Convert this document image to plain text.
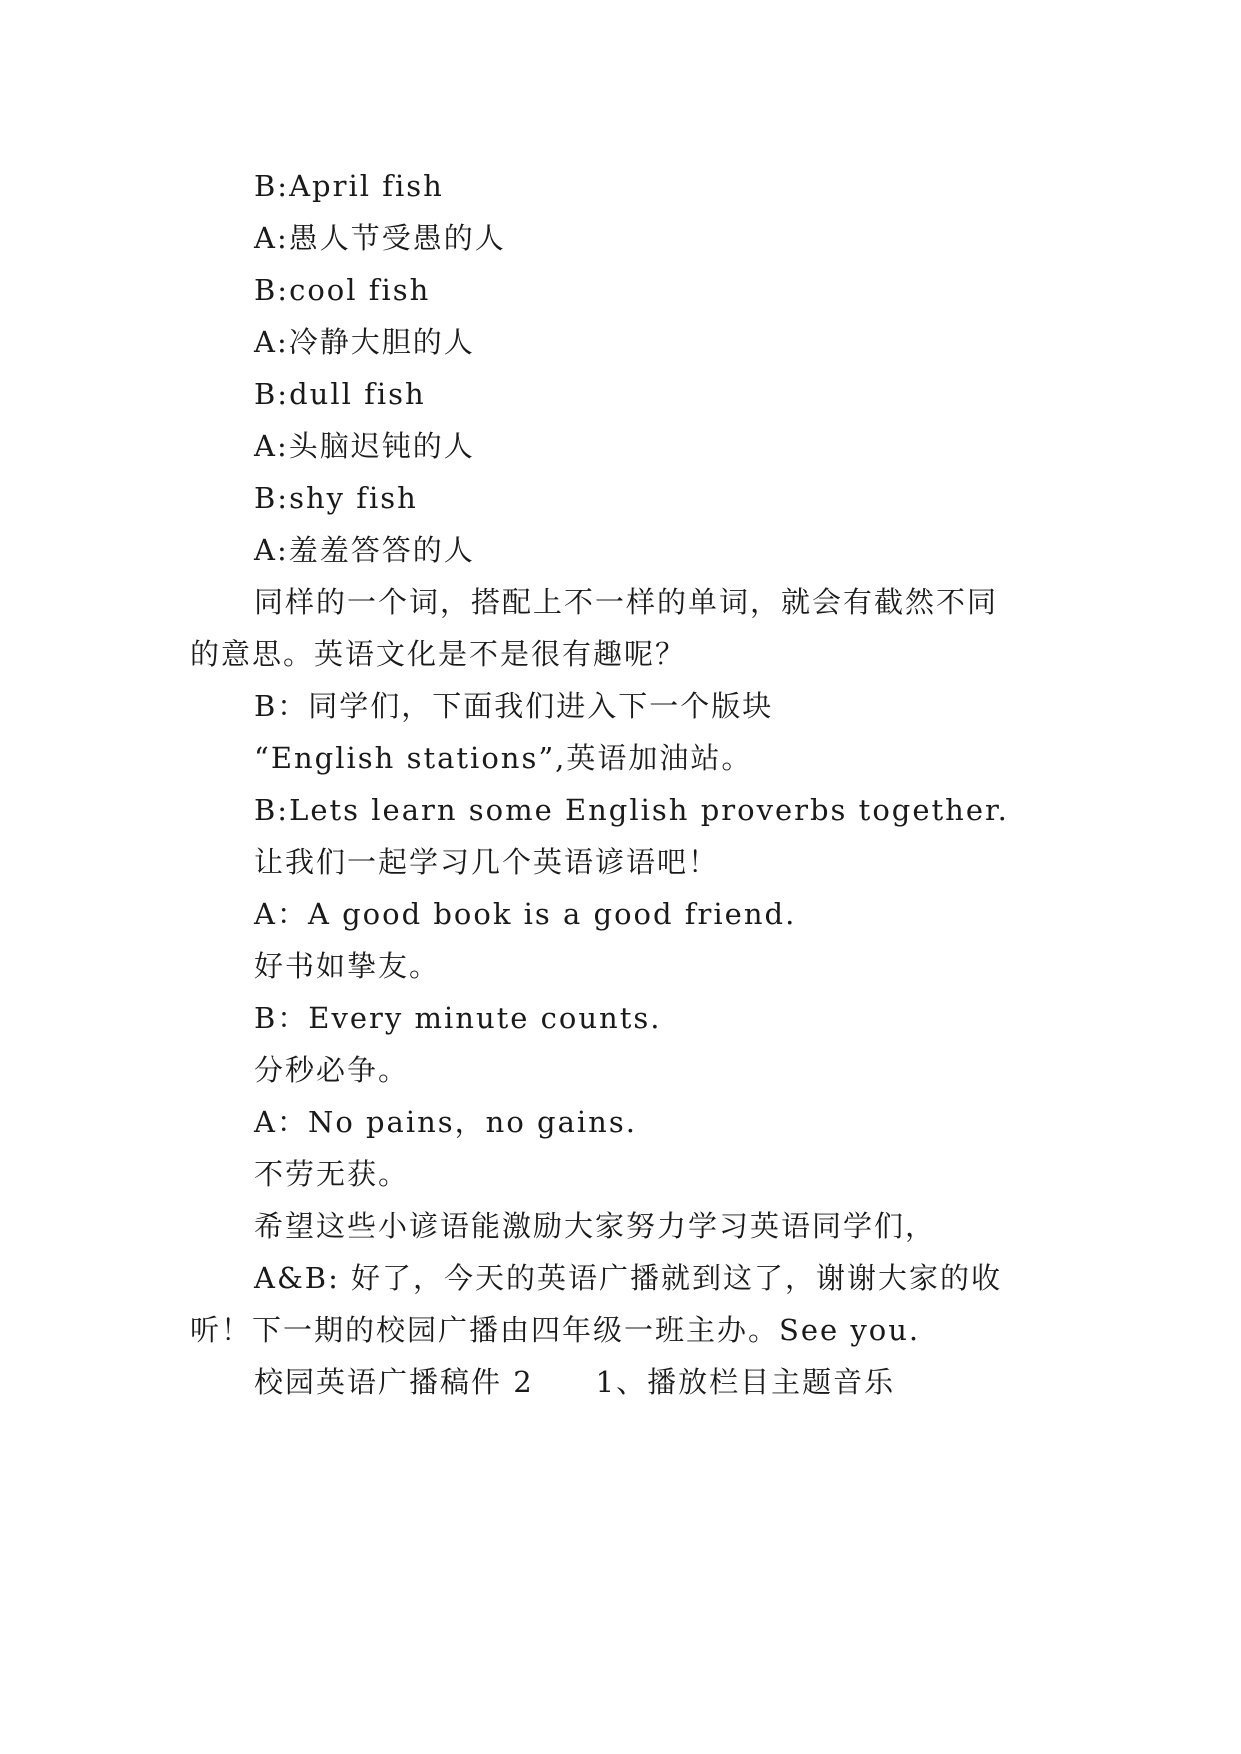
B:April fish
A:愚人节受愚的人
B:cool fish
A:冷静大胆的人
B:dull fish
A:头脑迟钝的人
B:shy fish
A:羞羞答答的人
同样的一个词，搭配上不一样的单词，就会有截然不同
的意思。英语文化是不是很有趣呢？
B：同学们，下面我们进入下一个版块
“English stations”,英语加油站。
B:Lets learn some English proverbs together.
让我们一起学习几个英语谚语吧！
A：A good book is a good friend.
好书如挚友。
B：Every minute counts.
分秒必争。
A：No pains，no gains.
不劳无获。
希望这些小谚语能激励大家努力学习英语同学们，
A&B: 好了，今天的英语广播就到这了，谢谢大家的收
听！下一期的校园广播由四年级一班主办。See you.
校园英语广播稿件 2　　1、播放栏目主题音乐
